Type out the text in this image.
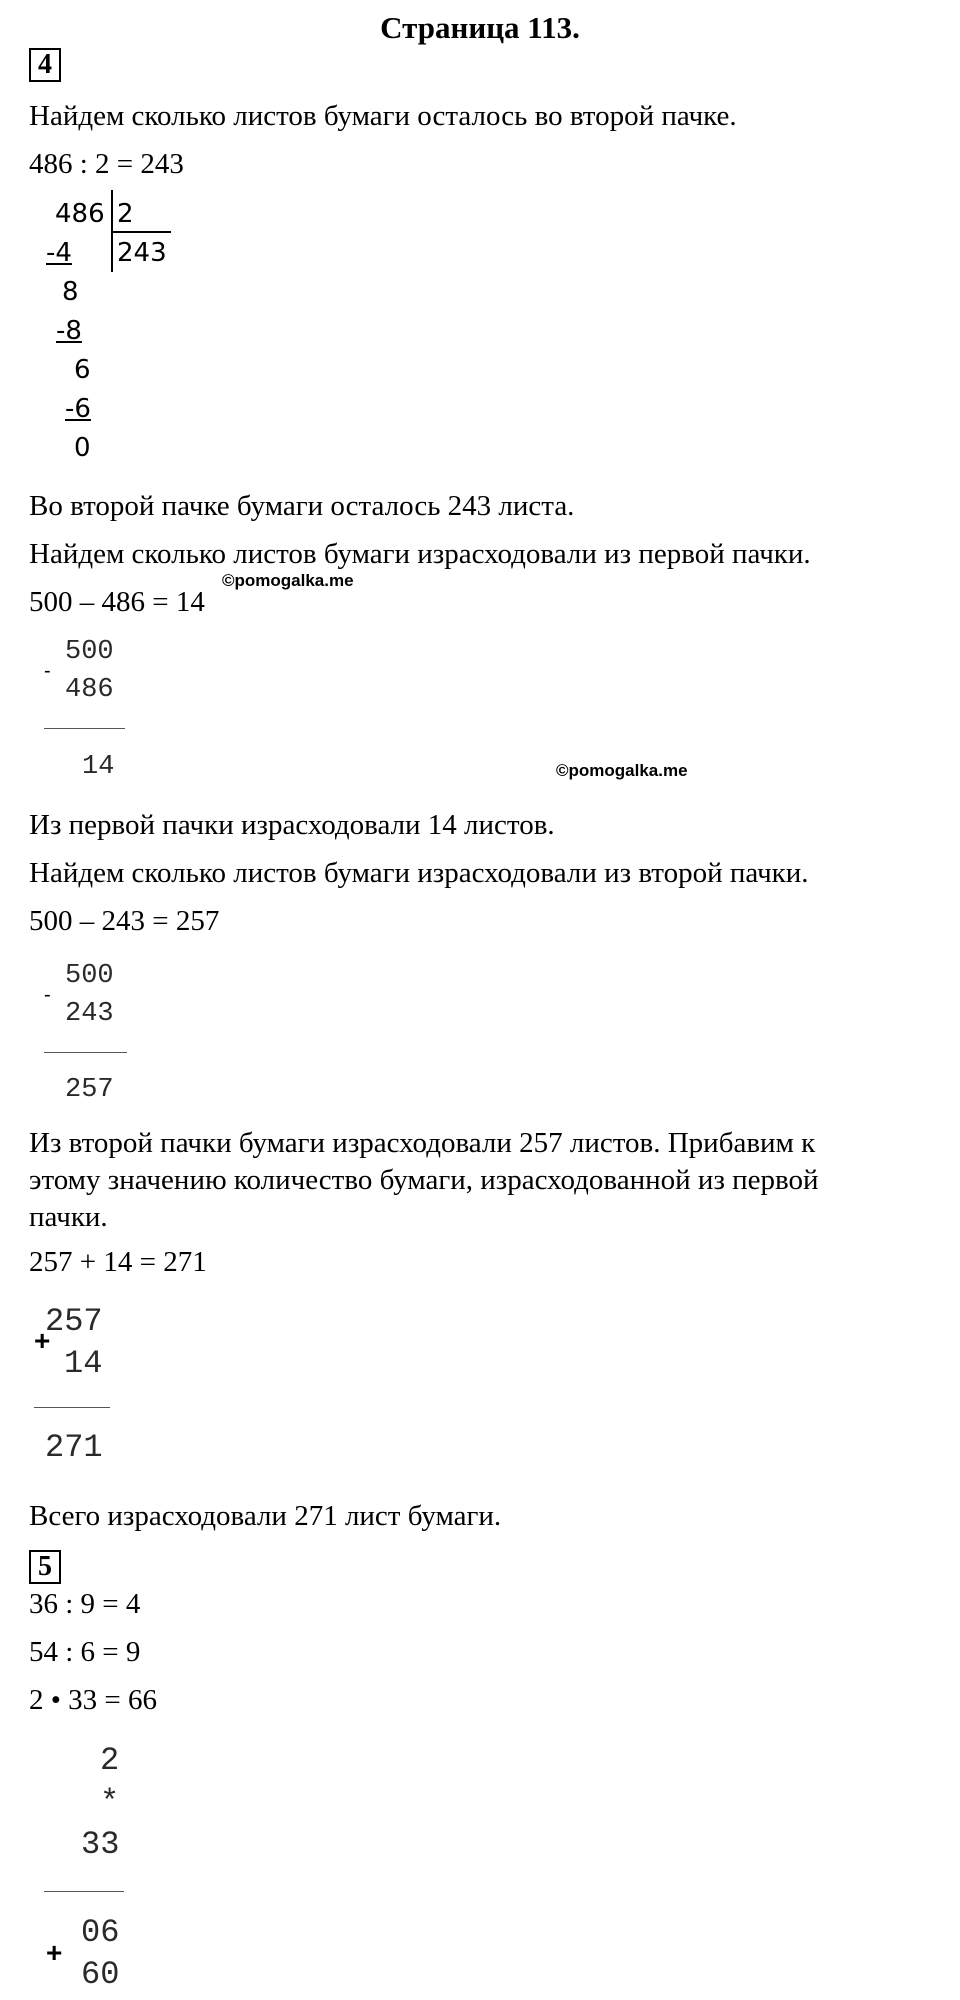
Страница 113.
4
Найдем сколько листов бумаги осталось во второй пачке.
486 : 2 = 243
486 2
243
-4
8
-8
6
-6
0
Во второй пачке бумаги осталось 243 листа.
Найдем сколько листов бумаги израсходовали из первой пачки.
500 – 486 = 14
©pomogalka.me
-
500
486
14	©pomogalka.me
Из первой пачки израсходовали 14 листов.
Найдем сколько листов бумаги израсходовали из второй пачки.
500 – 243 = 257
-
500
243
257
Из второй пачки бумаги израсходовали 257 листов. Прибавим к
этому значению количество бумаги, израсходованной из первой
пачки.
257 + 14 = 271
+
257
14
271
Всего израсходовали 271 лист бумаги.
5
36 : 9 = 4
54 : 6 = 9
2 • 33 = 66
2
*
33
+
06
60
